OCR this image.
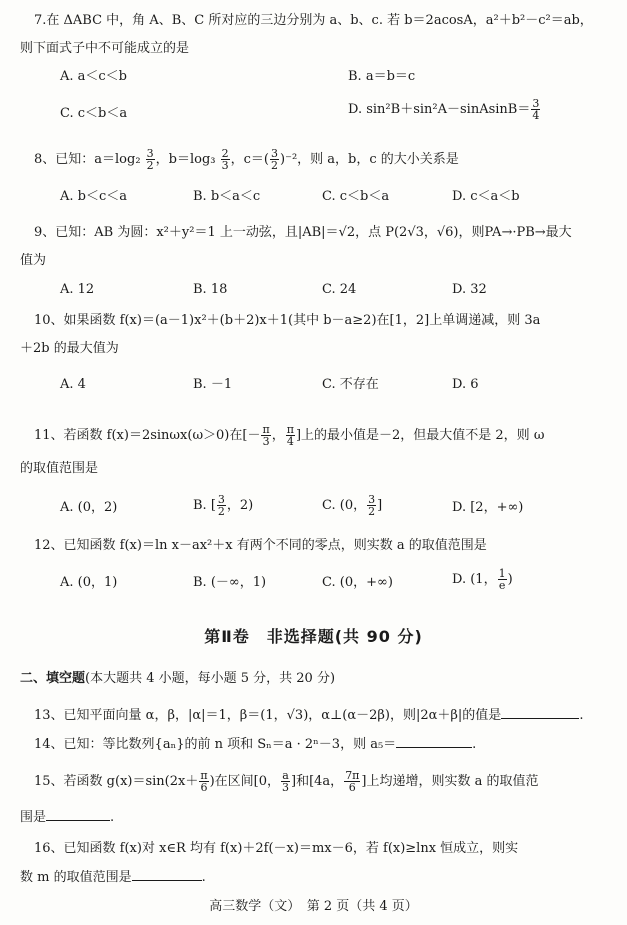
7.在 ΔABC 中，角 A、B、C 所对应的三边分别为 a、b、c. 若 b＝2acosA，a²＋b²－c²＝ab，
则下面式子中不可能成立的是
A. a＜c＜b	B. a＝b＝c
C. c＜b＜a	D. sin²B＋sin²A－sinAsinB＝ $\frac{3}{4}$
8、已知：$a=\log_2 \frac{3}{2}$ ，$b=\log_3 \frac{2}{3}$ ，$c=( \frac{3}{2} )^{-2}$，则 a，b，c 的大小关系是
A. b＜c＜a	B. b＜a＜c	C. c＜b＜a	D. c＜a＜b
9、已知：AB 为圆：x²＋y²＝1 上一动弦，且|AB|＝√2，点 P(2√3，√6)，则PA→·PB→最大
值为
A. 12	B. 18	C. 24	D. 32
10、如果函数 f(x)＝(a－1)x²＋(b＋2)x＋1(其中 b－a≥2)在[1，2]上单调递减，则 3a
＋2b 的最大值为
A. 4	B. －1	C. 不存在	D. 6
11、若函数 f(x)＝2sinωx(ω＞0)在[－ $\frac{\pi}{3}$ ， $\frac{\pi}{4}$ ]上的最小值是－2，但最大值不是 2，则 ω
的取值范围是
A. (0，2)	B. [ $\frac{3}{2}$ ，2)	C. (0， $\frac{3}{2}$ ]	D. [2，+∞)
12、已知函数 f(x)＝ln x－ax²＋x 有两个不同的零点，则实数 a 的取值范围是
A. (0，1)	B. (－∞，1)	C. (0，+∞)	D. (1， $\frac{1}{e}$ )
第Ⅱ卷　非选择题(共 90 分)
二、填空题(本大题共 4 小题，每小题 5 分，共 20 分)
13、已知平面向量 α，β，|α|＝1，β＝(1，√3)，α⊥(α－2β)，则|2α＋β|的值是	.
14、已知：等比数列{aₙ}的前 n 项和 Sₙ＝a · 2ⁿ－3，则 a₅＝	.
15、若函数 $g(x)=\sin(2x+ \frac{\pi}{6}$ )在区间[0， $\frac{a}{3}$ ]和[4a， $\frac{7\pi}{6}$ ]上均递增，则实数 a 的取值范
围是	.
16、已知函数 f(x)对 x∈R 均有 f(x)＋2f(－x)＝mx－6，若 f(x)≥lnx 恒成立，则实
数 m 的取值范围是	.
高三数学（文）　第 2 页（共 4 页）
